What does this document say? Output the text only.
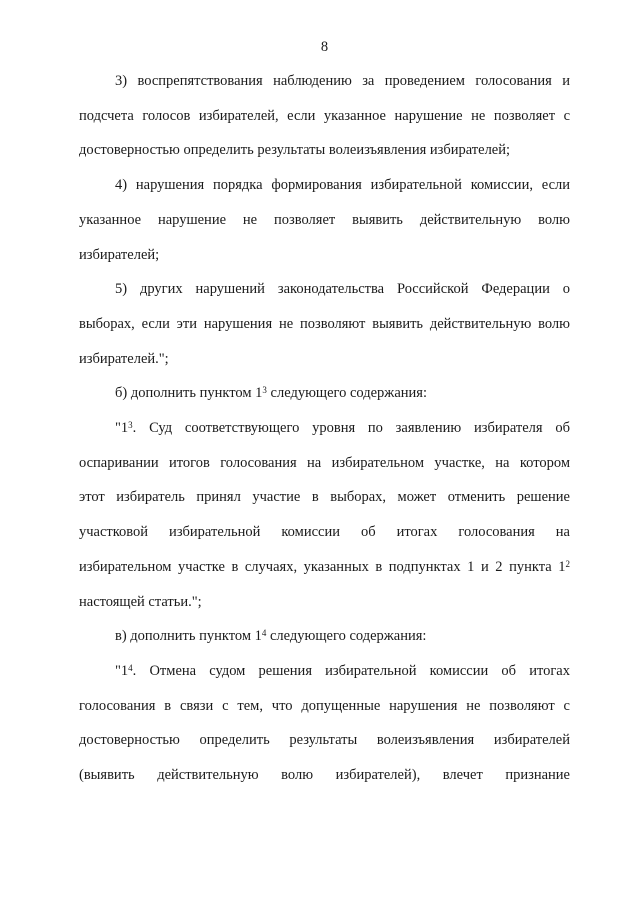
8
3) воспрепятствования наблюдению за проведением голосования и
подсчета голосов избирателей, если указанное нарушение не позволяет с
достоверностью определить результаты волеизъявления избирателей;
4) нарушения порядка формирования избирательной комиссии, если
указанное нарушение не позволяет выявить действительную волю
избирателей;
5) других нарушений законодательства Российской Федерации о
выборах, если эти нарушения не позволяют выявить действительную волю
избирателей.";
б) дополнить пунктом $1^3$ следующего содержания:
"$1^3$. Суд соответствующего уровня по заявлению избирателя об
оспаривании итогов голосования на избирательном участке, на котором
этот избиратель принял участие в выборах, может отменить решение
участковой избирательной комиссии об итогах голосования на
избирательном участке в случаях, указанных в подпунктах 1 и 2 пункта $1^2$
настоящей статьи.";
в) дополнить пунктом $1^4$ следующего содержания:
"$1^4$. Отмена судом решения избирательной комиссии об итогах
голосования в связи с тем, что допущенные нарушения не позволяют с
достоверностью определить результаты волеизъявления избирателей
(выявить действительную волю избирателей), влечет признание
